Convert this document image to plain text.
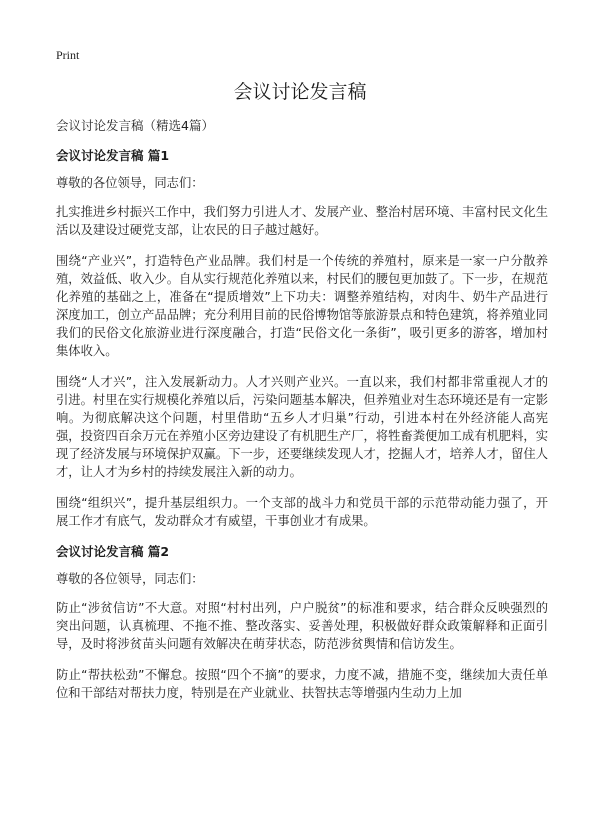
Print
会议讨论发言稿

会议讨论发言稿（精选4篇）

会议讨论发言稿 篇1

尊敬的各位领导，同志们：

扎实推进乡村振兴工作中，我们努力引进人才、发展产业、整治村居环境、丰富村民文化生活以及建设过硬党支部，让农民的日子越过越好。

围绕“产业兴”，打造特色产业品牌。我们村是一个传统的养殖村，原来是一家一户分散养殖，效益低、收入少。自从实行规范化养殖以来，村民们的腰包更加鼓了。下一步，在规范化养殖的基础之上，准备在“提质增效”上下功夫：调整养殖结构，对肉牛、奶牛产品进行深度加工，创立产品品牌；充分利用目前的民俗博物馆等旅游景点和特色建筑，将养殖业同我们的民俗文化旅游业进行深度融合，打造“民俗文化一条街”，吸引更多的游客，增加村集体收入。

围绕“人才兴”，注入发展新动力。人才兴则产业兴。一直以来，我们村都非常重视人才的引进。村里在实行规模化养殖以后，污染问题基本解决，但养殖业对生态环境还是有一定影响。为彻底解决这个问题，村里借助“五乡人才归巢”行动，引进本村在外经济能人高宪强，投资四百余万元在养殖小区旁边建设了有机肥生产厂，将牲畜粪便加工成有机肥料，实现了经济发展与环境保护双赢。下一步，还要继续发现人才，挖掘人才，培养人才，留住人才，让人才为乡村的持续发展注入新的动力。

围绕“组织兴”，提升基层组织力。一个支部的战斗力和党员干部的示范带动能力强了，开展工作才有底气，发动群众才有威望，干事创业才有成果。

会议讨论发言稿 篇2

尊敬的各位领导，同志们：

防止“涉贫信访”不大意。对照“村村出列，户户脱贫”的标准和要求，结合群众反映强烈的突出问题，认真梳理、不拖不推、整改落实、妥善处理，积极做好群众政策解释和正面引导，及时将涉贫苗头问题有效解决在萌芽状态，防范涉贫舆情和信访发生。

防止“帮扶松劲”不懈怠。按照“四个不摘”的要求，力度不减，措施不变，继续加大责任单位和干部结对帮扶力度，特别是在产业就业、扶智扶志等增强内生动力上加
